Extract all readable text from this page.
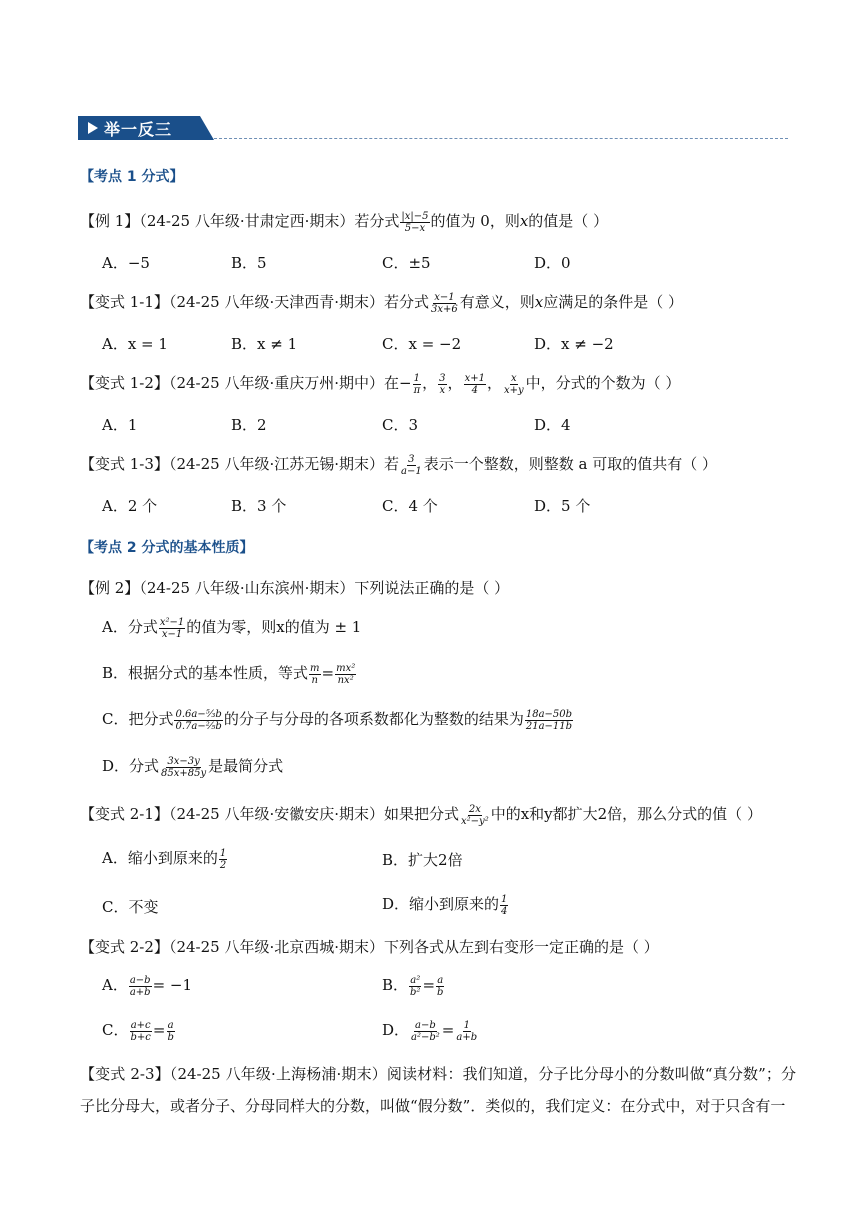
举一反三
【考点 1 分式】
【例 1】（24-25 八年级·甘肃定西·期末）若分式 $\frac{|x|-5}{5-x}$ 的值为 0，则x的值是（ ）
A．−5	B．5	C．±5	D．0
【变式 1-1】（24-25 八年级·天津西青·期末）若分式 $\frac{x-1}{3x+6}$ 有意义，则x应满足的条件是（ ）
A．x = 1	B．x ≠ 1	C．x = −2	D．x ≠ −2
【变式 1-2】（24-25 八年级·重庆万州·期中）在− $\frac{1}{\pi}$ ， $\frac{3}{x}$ ， $\frac{x+1}{4}$ ， $\frac{x}{x+y}$ 中，分式的个数为（ ）
A．1	B．2	C．3	D．4
【变式 1-3】（24-25 八年级·江苏无锡·期末）若 $\frac{3}{a-1}$ 表示一个整数，则整数 a 可取的值共有（ ）
A．2 个	B．3 个	C．4 个	D．5 个
【考点 2 分式的基本性质】
【例 2】（24-25 八年级·山东滨州·期末）下列说法正确的是（ ）
A．分式 $\frac{\text{x²−1}}{x-1}$ 的值为零，则x的值为 ± 1
B．根据分式的基本性质，等式 $\frac{m}{n} = \frac{\text{mx²}}{\text{nx²}}$
C．把分式 $\frac{\text{0.6a−⁵⁄₃b}}{\text{0.7a−²⁄₅b}}$ 的分子与分母的各项系数都化为整数的结果为 $\frac{18a-50b}{21a-11b}$
D．分式 $\frac{3x-3y}{85x+85y}$ 是最简分式
【变式 2-1】（24-25 八年级·安徽安庆·期末）如果把分式 $\frac{2x}{\text{x²−y²}}$ 中的x和y都扩大2倍，那么分式的值（ ）
A．缩小到原来的 $\frac{1}{2}$	B．扩大2倍
C．不变	D．缩小到原来的 $\frac{1}{4}$
【变式 2-2】（24-25 八年级·北京西城·期末）下列各式从左到右变形一定正确的是（ ）
A． $\frac{a-b}{a+b} = -1$	B． $\frac{\text{a²}}{\text{b²}} = \frac{a}{b}$
C． $\frac{a+c}{b+c} = \frac{a}{b}$	D． $\frac{a-b}{\text{a²−b²}} = \frac{1}{a+b}$
【变式 2-3】（24-25 八年级·上海杨浦·期末）阅读材料：我们知道，分子比分母小的分数叫做“真分数”；分子比分母大，或者分子、分母同样大的分数，叫做“假分数”．类似的，我们定义：在分式中，对于只含有一
